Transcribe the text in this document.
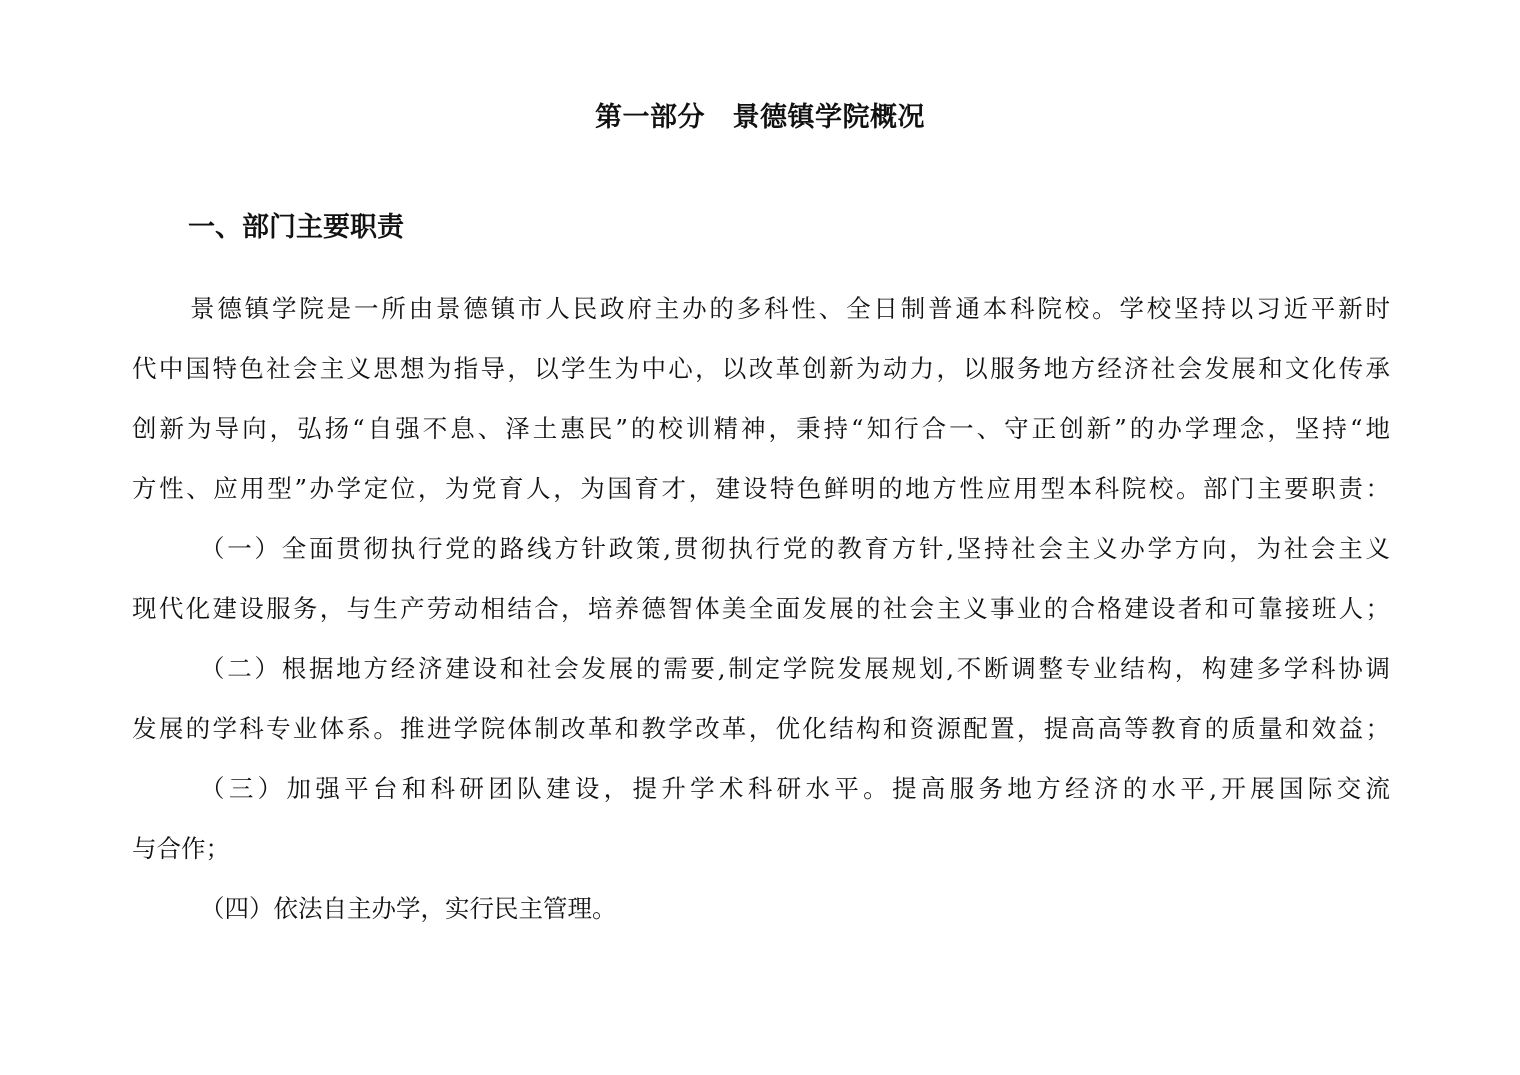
第一部分　景德镇学院概况
一、部门主要职责
景德镇学院是一所由景德镇市人民政府主办的多科性、全日制普通本科院校。学校坚持以习近平新时
代中国特色社会主义思想为指导，以学生为中心，以改革创新为动力，以服务地方经济社会发展和文化传承
创新为导向，弘扬“自强不息、泽土惠民”的校训精神，秉持“知行合一、守正创新”的办学理念，坚持“地
方性、应用型”办学定位，为党育人，为国育才，建设特色鲜明的地方性应用型本科院校。部门主要职责：
（一）全面贯彻执行党的路线方针政策,贯彻执行党的教育方针,坚持社会主义办学方向，为社会主义
现代化建设服务，与生产劳动相结合，培养德智体美全面发展的社会主义事业的合格建设者和可靠接班人；
（二）根据地方经济建设和社会发展的需要,制定学院发展规划,不断调整专业结构，构建多学科协调
发展的学科专业体系。推进学院体制改革和教学改革，优化结构和资源配置，提高高等教育的质量和效益；
（三）加强平台和科研团队建设，提升学术科研水平。提高服务地方经济的水平,开展国际交流
与合作；
（四）依法自主办学，实行民主管理。
